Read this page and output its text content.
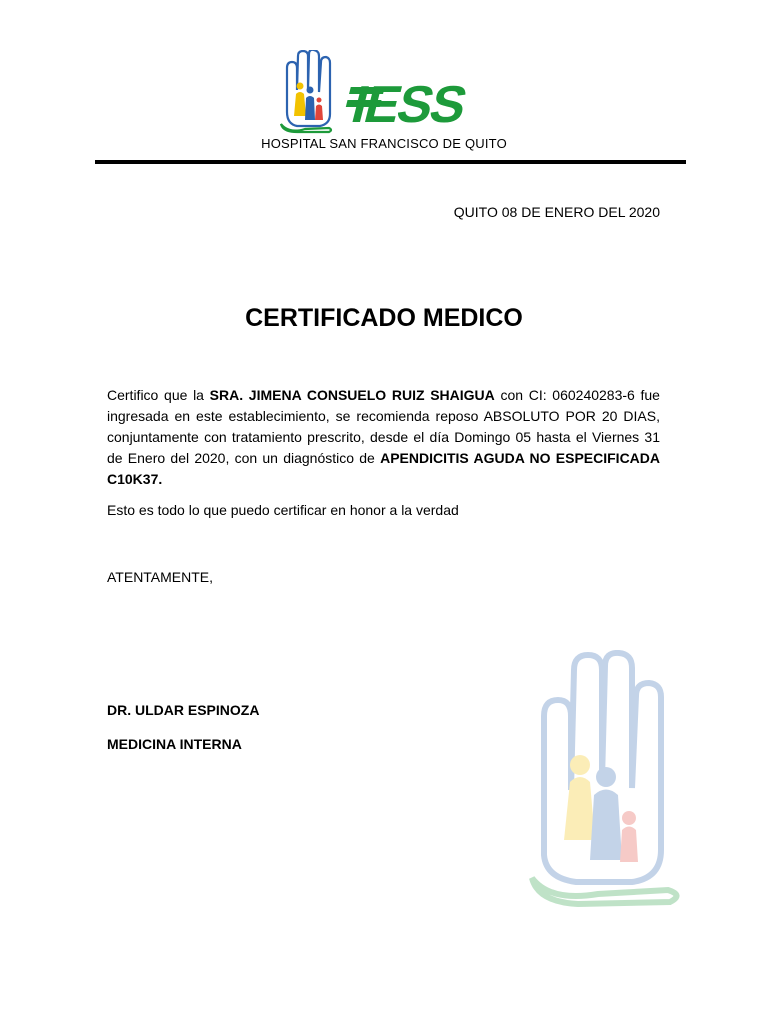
IESS
HOSPITAL SAN FRANCISCO DE QUITO
QUITO 08 DE ENERO DEL 2020
CERTIFICADO MEDICO

Certifico que la SRA. JIMENA CONSUELO RUIZ SHAIGUA con CI: 060240283-6 fue ingresada en este establecimiento, se recomienda reposo ABSOLUTO POR 20 DIAS, conjuntamente con tratamiento prescrito, desde el día Domingo 05 hasta el Viernes 31 de Enero del 2020, con un diagnóstico de APENDICITIS AGUDA NO ESPECIFICADA C10K37.

Esto es todo lo que puedo certificar en honor a la verdad
ATENTAMENTE,
DR. ULDAR ESPINOZA
MEDICINA INTERNA
